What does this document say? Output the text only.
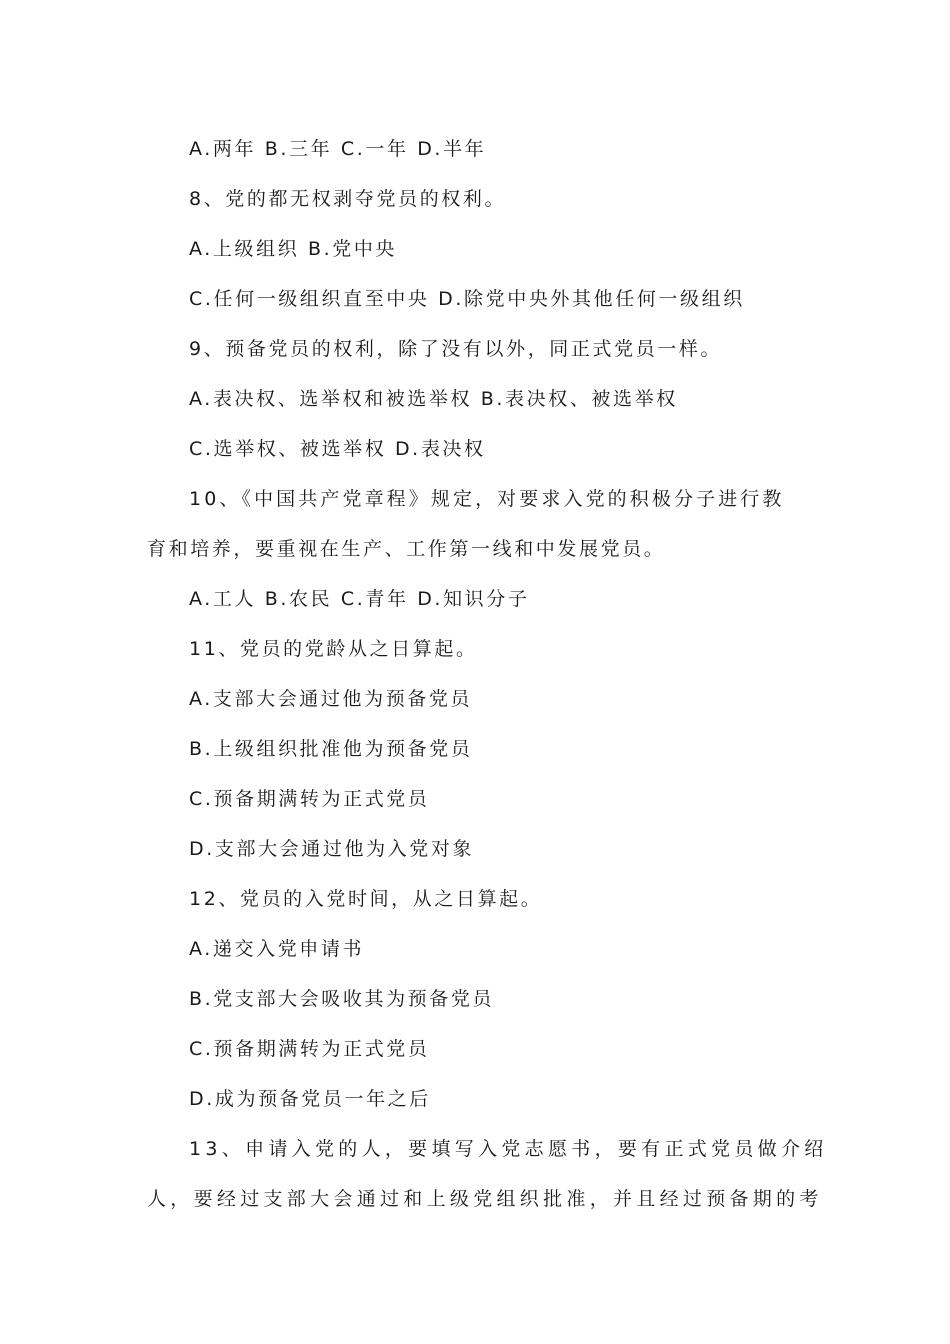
A.两年 B.三年 C.一年 D.半年
8、党的都无权剥夺党员的权利。
A.上级组织 B.党中央
C.任何一级组织直至中央 D.除党中央外其他任何一级组织
9、预备党员的权利，除了没有以外，同正式党员一样。
A.表决权、选举权和被选举权 B.表决权、被选举权
C.选举权、被选举权 D.表决权
10、《中国共产党章程》规定，对要求入党的积极分子进行教
育和培养，要重视在生产、工作第一线和中发展党员。
A.工人 B.农民 C.青年 D.知识分子
11、党员的党龄从之日算起。
A.支部大会通过他为预备党员
B.上级组织批准他为预备党员
C.预备期满转为正式党员
D.支部大会通过他为入党对象
12、党员的入党时间，从之日算起。
A.递交入党申请书
B.党支部大会吸收其为预备党员
C.预备期满转为正式党员
D.成为预备党员一年之后
13、申请入党的人，要填写入党志愿书，要有正式党员做介绍
人，要经过支部大会通过和上级党组织批准，并且经过预备期的考
